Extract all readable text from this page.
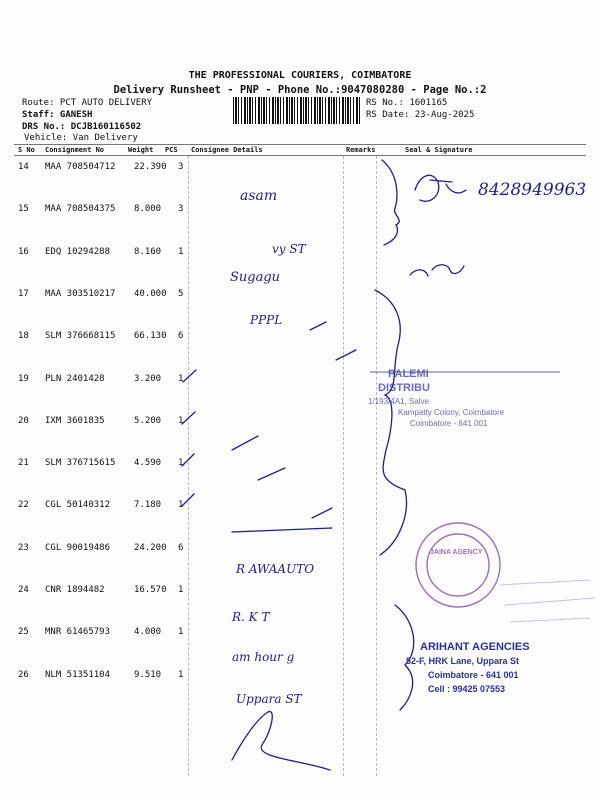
THE PROFESSIONAL COURIERS, COIMBATORE
Delivery Runsheet - PNP - Phone No.:9047080280 - Page No.:2
Route: PCT AUTO DELIVERY
Staff: GANESH
DRS No.: DCJB160116502
Vehicle: Van Delivery
RS No.: 1601165
RS Date: 23-Aug-2025
S No Consignment No	Weight PCS Consignee Details	Remarks	Seal & Signature
14 MAA 708504712 22.390 3
15 MAA 708504375 8.000 3
16 EDQ 10294288	8.160 1
17 MAA 303510217 40.000 5
18 SLM 376668115 66.130 6
19 PLN 2401428	3.200 1
20 IXM 3601835	5.200 1
21 SLM 376715615 4.590 1
22 CGL 50140312	7.180 1
23 CGL 90019486	24.200 6
24 CNR 1894482	16.570 1
25 MNR 61465793	4.000 1
26 NLM 51351104	9.510 1
8428949963
asam
vy ST
Sugagu
PPPL
R AWAAUTO
R. K T
am hour g
Uppara ST
PALEMI
DISTRIBU
1/193/4A1, Salve
Kampatty Colony, Coimbatore
Coimbatore - 641 001
JAINA AGENCY
ARIHANT AGENCIES
52-F, HRK Lane, Uppara St
Coimbatore - 641 001
Cell : 99425 07553
